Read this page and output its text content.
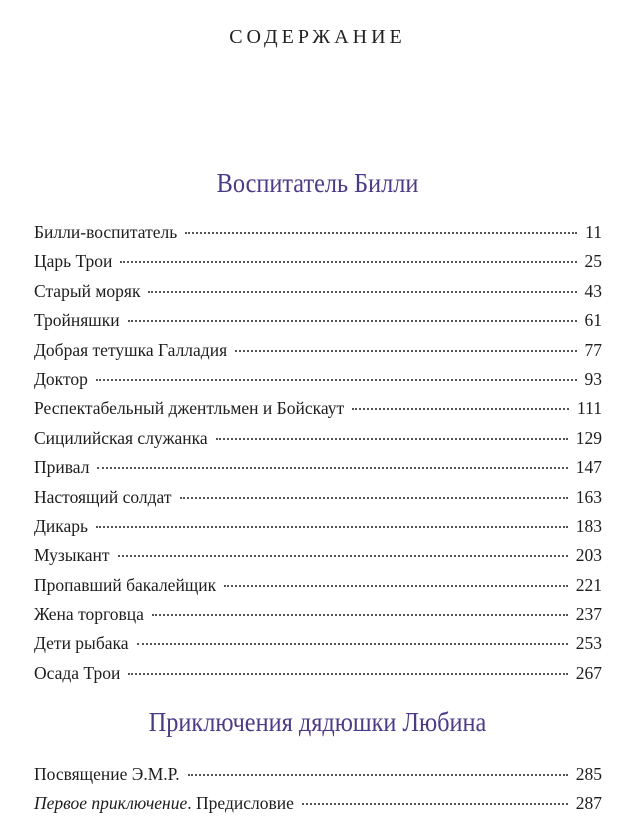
СОДЕРЖАНИЕ
Воспитатель Билли
Билли-воспитатель	11
Царь Трои	25
Старый моряк	43
Тройняшки	61
Добрая тетушка Галладия	77
Доктор	93
Респектабельный джентльмен и Бойскаут	111
Сицилийская служанка	129
Привал	147
Настоящий солдат	163
Дикарь	183
Музыкант	203
Пропавший бакалейщик	221
Жена торговца	237
Дети рыбака	253
Осада Трои	267
Приключения дядюшки Любина
Посвящение Э.М.Р.	285
Первое приключение. Предисловие	287
